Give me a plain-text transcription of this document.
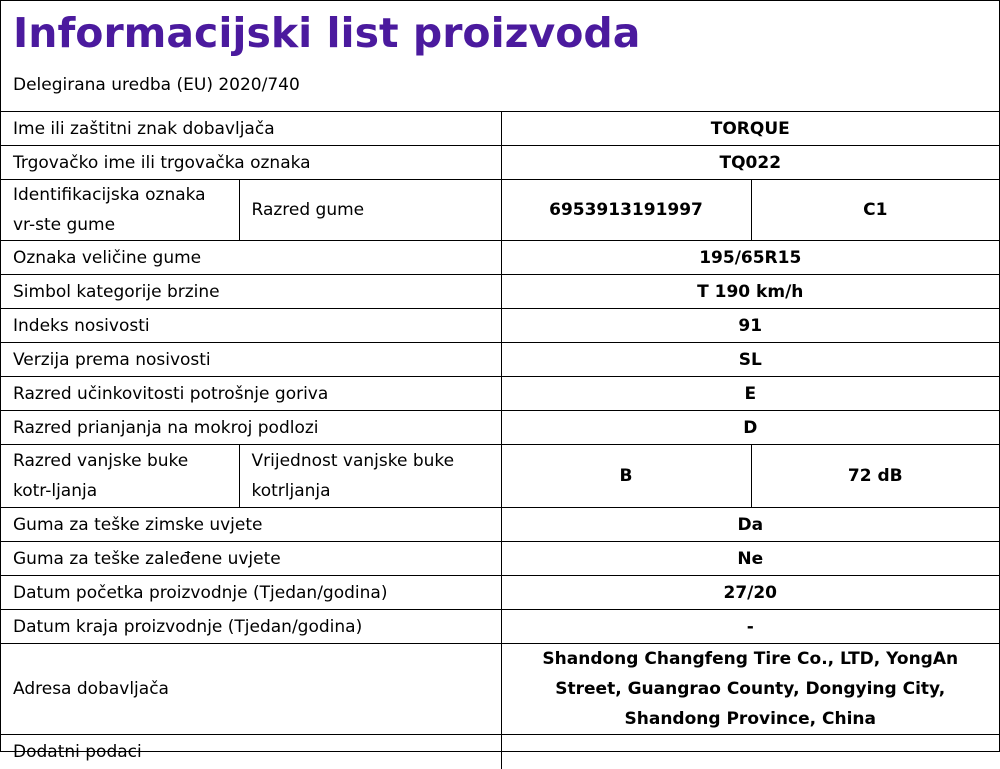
Informacijski list proizvoda
Delegirana uredba (EU) 2020/740
Ime ili zaštitni znak dobavljača		TORQUE	
Trgovačko ime ili trgovačka oznaka		TQ022	
Identifikacijska oznaka vr-ste gume	Razred gume	6953913191997	C1
Oznaka veličine gume		195/65R15	
Simbol kategorije brzine		T 190 km/h	
Indeks nosivosti		91	
Verzija prema nosivosti		SL	
Razred učinkovitosti potrošnje goriva		E	
Razred prianjanja na mokroj podlozi		D	
Razred vanjske buke kotr-ljanja	Vrijednost vanjske buke kotrljanja	B	72 dB
Guma za teške zimske uvjete		Da	
Guma za teške zaleđene uvjete		Ne	
Datum početka proizvodnje (Tjedan/godina)		27/20	
Datum kraja proizvodnje (Tjedan/godina)		-	
Adresa dobavljača		Shandong Changfeng Tire Co., LTD, YongAn Street, Guangrao County, Dongying City, Shandong Province, China	
Dodatni podaci			
